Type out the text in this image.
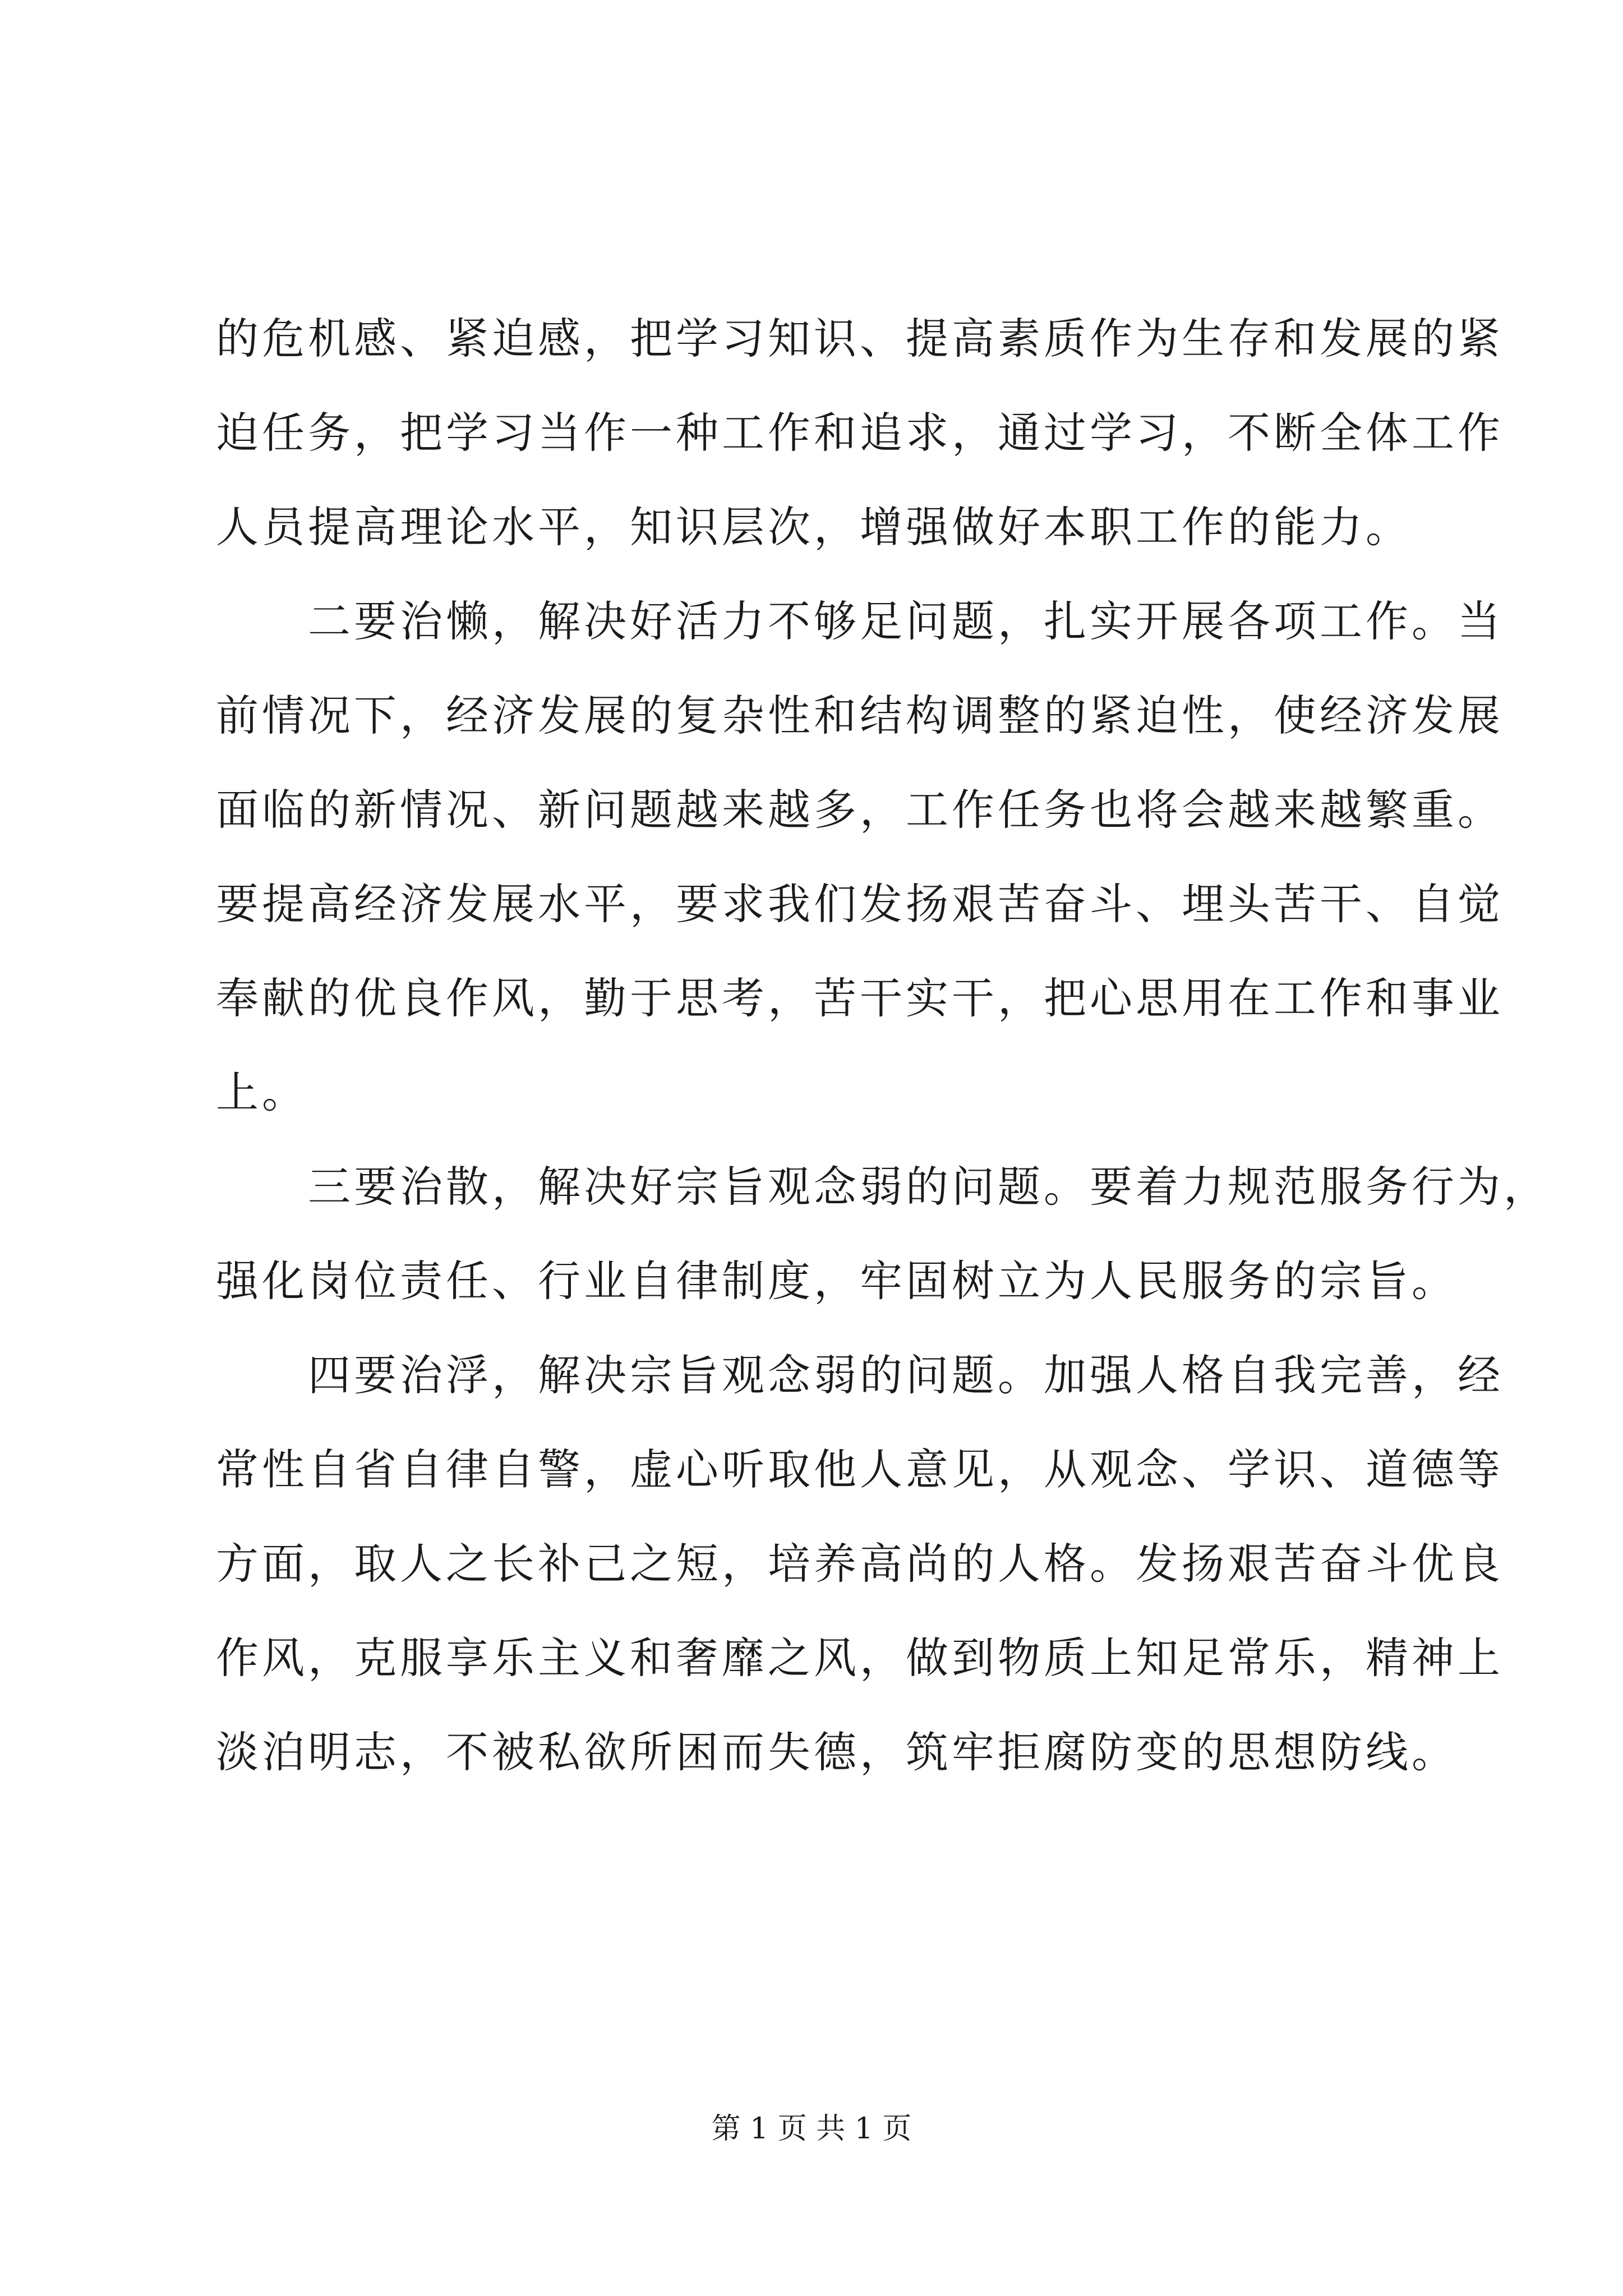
的危机感、紧迫感，把学习知识、提高素质作为生存和发展的紧
迫任务，把学习当作一种工作和追求，通过学习，不断全体工作
人员提高理论水平，知识层次，增强做好本职工作的能力。
　　二要治懒，解决好活力不够足问题，扎实开展各项工作。当
前情况下，经济发展的复杂性和结构调整的紧迫性，使经济发展
面临的新情况、新问题越来越多，工作任务也将会越来越繁重。
要提高经济发展水平，要求我们发扬艰苦奋斗、埋头苦干、自觉
奉献的优良作风，勤于思考，苦干实干，把心思用在工作和事业
上。
　　三要治散，解决好宗旨观念弱的问题。要着力规范服务行为，
强化岗位责任、行业自律制度，牢固树立为人民服务的宗旨。
　　四要治浮，解决宗旨观念弱的问题。加强人格自我完善，经
常性自省自律自警，虚心听取他人意见，从观念、学识、道德等
方面，取人之长补己之短，培养高尚的人格。发扬艰苦奋斗优良
作风，克服享乐主义和奢靡之风，做到物质上知足常乐，精神上
淡泊明志，不被私欲所困而失德，筑牢拒腐防变的思想防线。
第 1 页 共 1 页
